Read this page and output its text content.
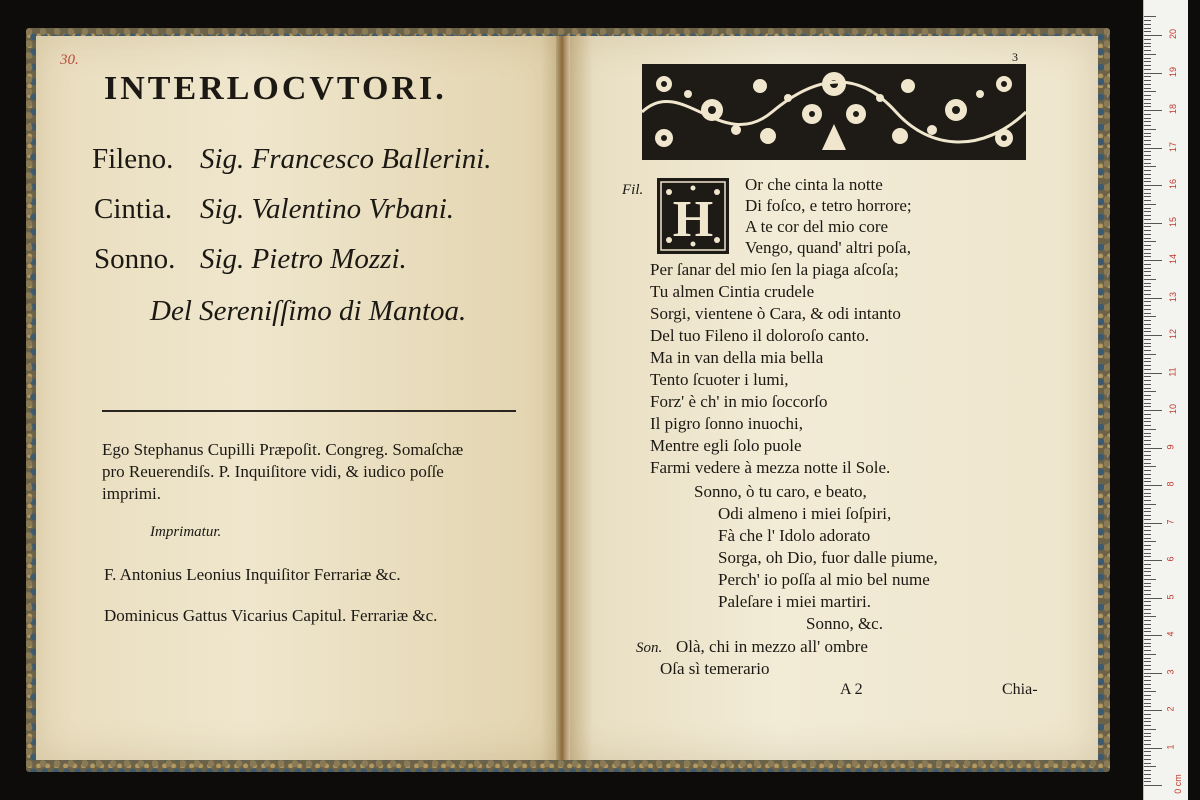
30.
INTERLOCVTORI.
Fileno. Sig. Francesco Ballerini.
Cintia. Sig. Valentino Vrbani.
Sonno. Sig. Pietro Mozzi.
Del Sereniſſimo di Mantoa.
Ego Stephanus Cupilli Præpoſit. Congreg. Somaſchæ
pro Reuerendiſs. P. Inquiſitore vidi, & iudico poſſe
imprimi.
Imprimatur.
F. Antonius Leonius Inquiſitor Ferrariæ &c.
Dominicus Gattus Vicarius Capitul. Ferrariæ &c.
3
Fil.
H
Or che cinta la notte
Di foſco, e tetro horrore;
A te cor del mio core
Vengo, quand' altri poſa,
Per ſanar del mio ſen la piaga aſcoſa;
Tu almen Cintia crudele
Sorgi, vientene ò Cara, & odi intanto
Del tuo Fileno il doloroſo canto.
Ma in van della mia bella
Tento ſcuoter i lumi,
Forz' è ch' in mio ſoccorſo
Il pigro ſonno inuochi,
Mentre egli ſolo puole
Farmi vedere à mezza notte il Sole.
Sonno, ò tu caro, e beato,
Odi almeno i miei ſoſpiri,
Fà che l' Idolo adorato
Sorga, oh Dio, fuor dalle piume,
Perch' io poſſa al mio bel nume
Paleſare i miei martiri.
Sonno, &c.
Son. Olà, chi in mezzo all' ombre
Oſa sì temerario
A 2	Chia-
0 cm
1
2
3
4
5
6
7
8
9
10
11
12
13
14
15
16
17
18
19
20
